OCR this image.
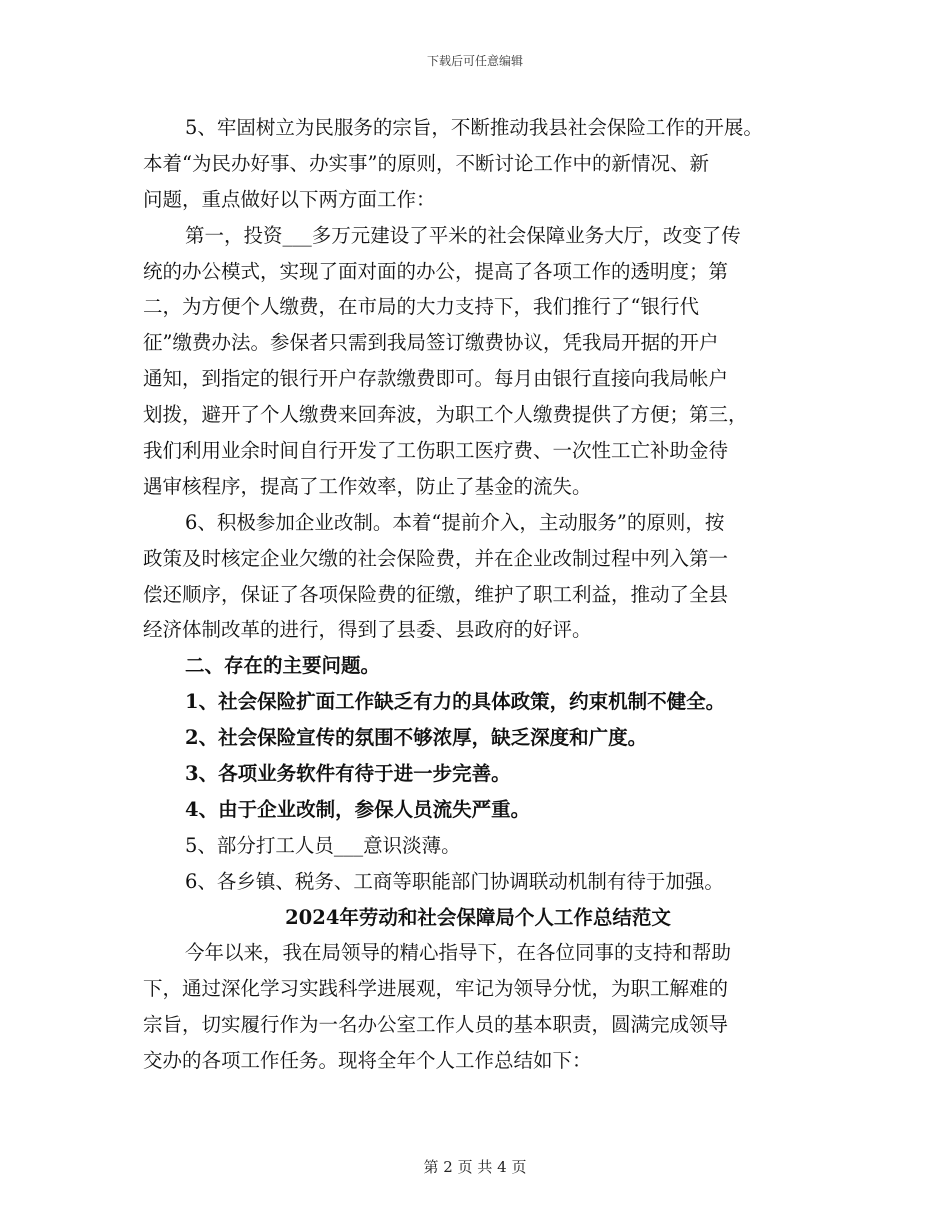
下载后可任意编辑
5、牢固树立为民服务的宗旨，不断推动我县社会保险工作的开展。
本着“为民办好事、办实事”的原则，不断讨论工作中的新情况、新
问题，重点做好以下两方面工作：
第一，投资___多万元建设了平米的社会保障业务大厅，改变了传
统的办公模式，实现了面对面的办公，提高了各项工作的透明度；第
二，为方便个人缴费，在市局的大力支持下，我们推行了“银行代
征”缴费办法。参保者只需到我局签订缴费协议，凭我局开据的开户
通知，到指定的银行开户存款缴费即可。每月由银行直接向我局帐户
划拨，避开了个人缴费来回奔波，为职工个人缴费提供了方便；第三，
我们利用业余时间自行开发了工伤职工医疗费、一次性工亡补助金待
遇审核程序，提高了工作效率，防止了基金的流失。
6、积极参加企业改制。本着“提前介入，主动服务”的原则，按
政策及时核定企业欠缴的社会保险费，并在企业改制过程中列入第一
偿还顺序，保证了各项保险费的征缴，维护了职工利益，推动了全县
经济体制改革的进行，得到了县委、县政府的好评。
二、存在的主要问题。
1、社会保险扩面工作缺乏有力的具体政策，约束机制不健全。
2、社会保险宣传的氛围不够浓厚，缺乏深度和广度。
3、各项业务软件有待于进一步完善。
4、由于企业改制，参保人员流失严重。
5、部分打工人员___意识淡薄。
6、各乡镇、税务、工商等职能部门协调联动机制有待于加强。
2024年劳动和社会保障局个人工作总结范文
今年以来，我在局领导的精心指导下，在各位同事的支持和帮助
下，通过深化学习实践科学进展观，牢记为领导分忧，为职工解难的
宗旨，切实履行作为一名办公室工作人员的基本职责，圆满完成领导
交办的各项工作任务。现将全年个人工作总结如下：
第 2 页 共 4 页
